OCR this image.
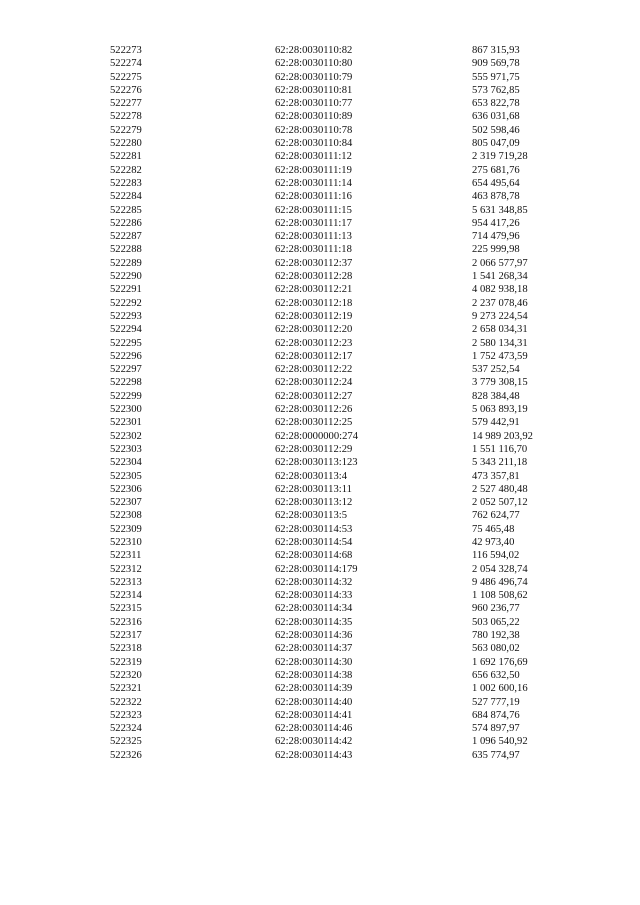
522273	62:28:0030110:82	867 315,93
522274	62:28:0030110:80	909 569,78
522275	62:28:0030110:79	555 971,75
522276	62:28:0030110:81	573 762,85
522277	62:28:0030110:77	653 822,78
522278	62:28:0030110:89	636 031,68
522279	62:28:0030110:78	502 598,46
522280	62:28:0030110:84	805 047,09
522281	62:28:0030111:12	2 319 719,28
522282	62:28:0030111:19	275 681,76
522283	62:28:0030111:14	654 495,64
522284	62:28:0030111:16	463 878,78
522285	62:28:0030111:15	5 631 348,85
522286	62:28:0030111:17	954 417,26
522287	62:28:0030111:13	714 479,96
522288	62:28:0030111:18	225 999,98
522289	62:28:0030112:37	2 066 577,97
522290	62:28:0030112:28	1 541 268,34
522291	62:28:0030112:21	4 082 938,18
522292	62:28:0030112:18	2 237 078,46
522293	62:28:0030112:19	9 273 224,54
522294	62:28:0030112:20	2 658 034,31
522295	62:28:0030112:23	2 580 134,31
522296	62:28:0030112:17	1 752 473,59
522297	62:28:0030112:22	537 252,54
522298	62:28:0030112:24	3 779 308,15
522299	62:28:0030112:27	828 384,48
522300	62:28:0030112:26	5 063 893,19
522301	62:28:0030112:25	579 442,91
522302	62:28:0000000:274	14 989 203,92
522303	62:28:0030112:29	1 551 116,70
522304	62:28:0030113:123	5 343 211,18
522305	62:28:0030113:4	473 357,81
522306	62:28:0030113:11	2 527 480,48
522307	62:28:0030113:12	2 052 507,12
522308	62:28:0030113:5	762 624,77
522309	62:28:0030114:53	75 465,48
522310	62:28:0030114:54	42 973,40
522311	62:28:0030114:68	116 594,02
522312	62:28:0030114:179	2 054 328,74
522313	62:28:0030114:32	9 486 496,74
522314	62:28:0030114:33	1 108 508,62
522315	62:28:0030114:34	960 236,77
522316	62:28:0030114:35	503 065,22
522317	62:28:0030114:36	780 192,38
522318	62:28:0030114:37	563 080,02
522319	62:28:0030114:30	1 692 176,69
522320	62:28:0030114:38	656 632,50
522321	62:28:0030114:39	1 002 600,16
522322	62:28:0030114:40	527 777,19
522323	62:28:0030114:41	684 874,76
522324	62:28:0030114:46	574 897,97
522325	62:28:0030114:42	1 096 540,92
522326	62:28:0030114:43	635 774,97
